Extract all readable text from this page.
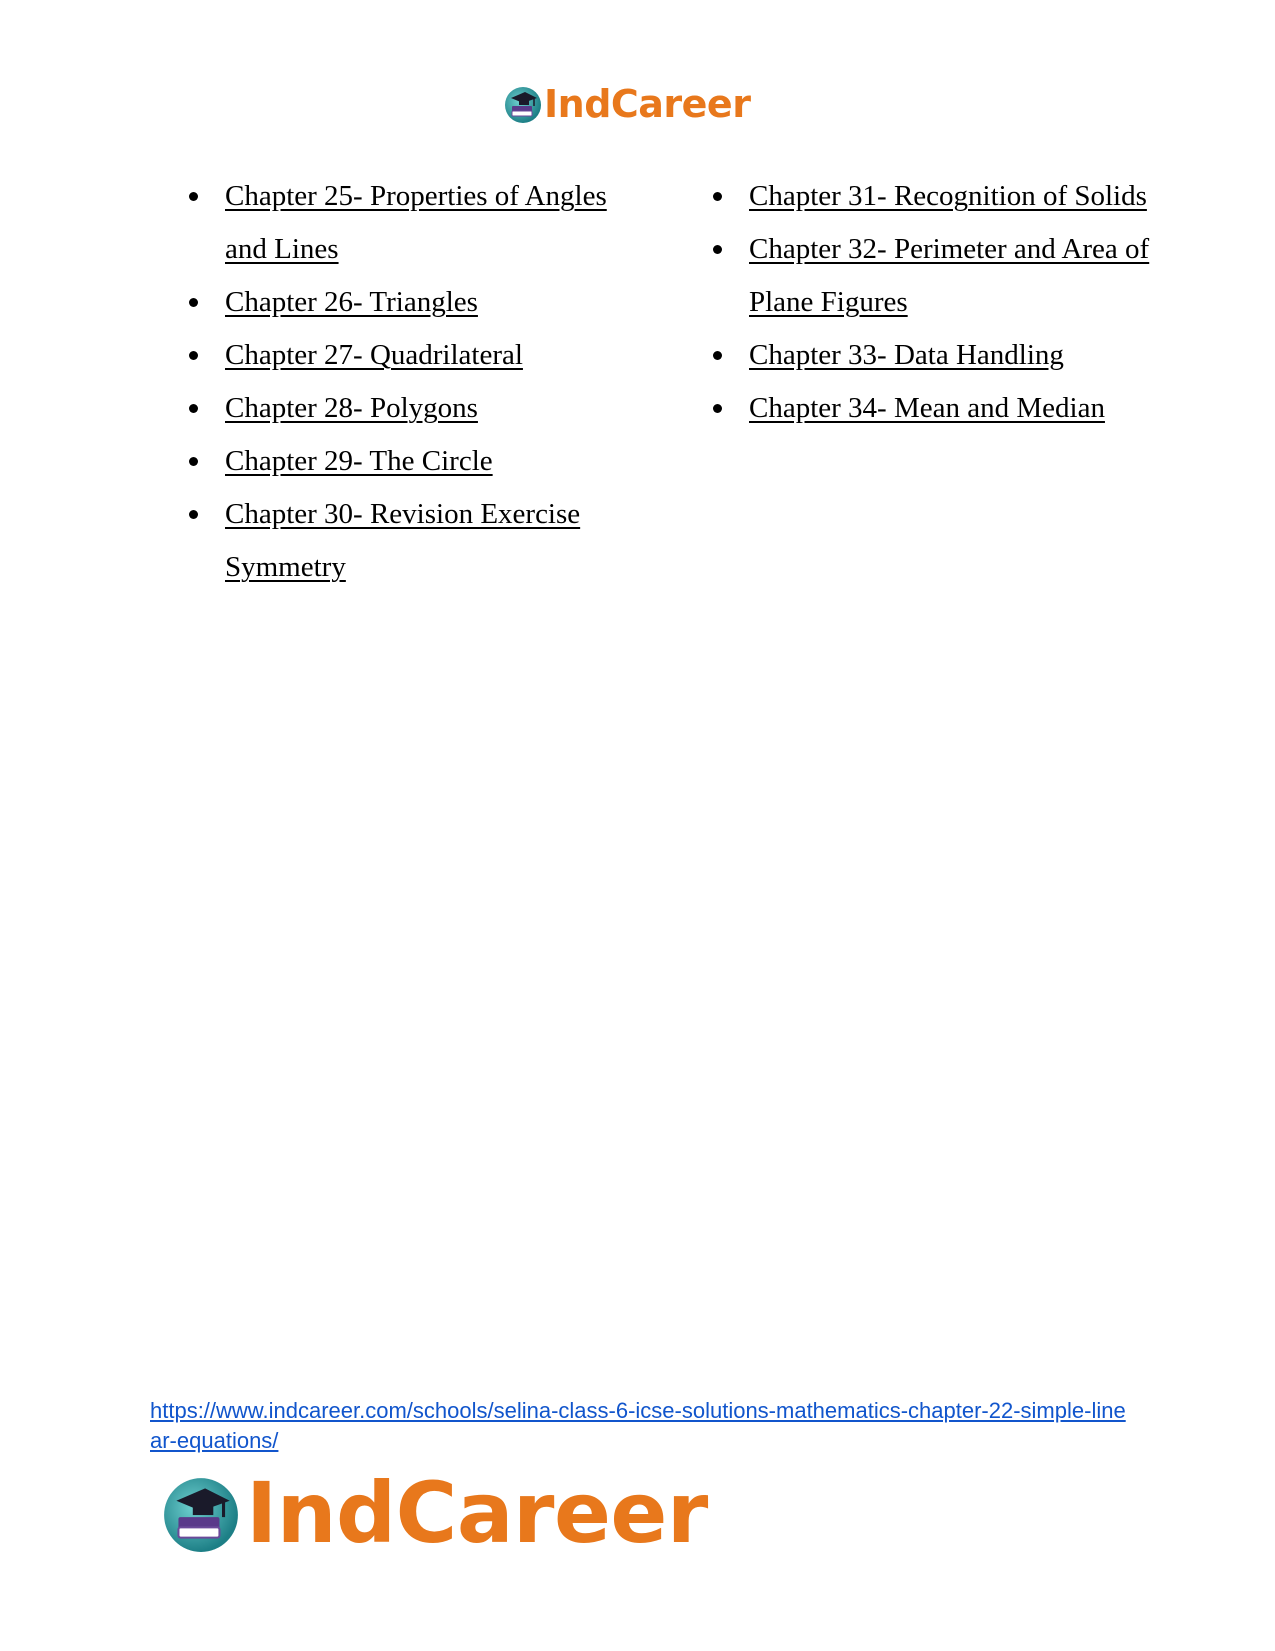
IndCareer
Chapter 25- Properties of Angles and Lines
Chapter 26- Triangles
Chapter 27- Quadrilateral
Chapter 28- Polygons
Chapter 29- The Circle
Chapter 30- Revision Exercise Symmetry
Chapter 31- Recognition of Solids
Chapter 32- Perimeter and Area of Plane Figures
Chapter 33- Data Handling
Chapter 34- Mean and Median
https://www.indcareer.com/schools/selina-class-6-icse-solutions-mathematics-chapter-22-simple-linear-equations/
IndCareer
